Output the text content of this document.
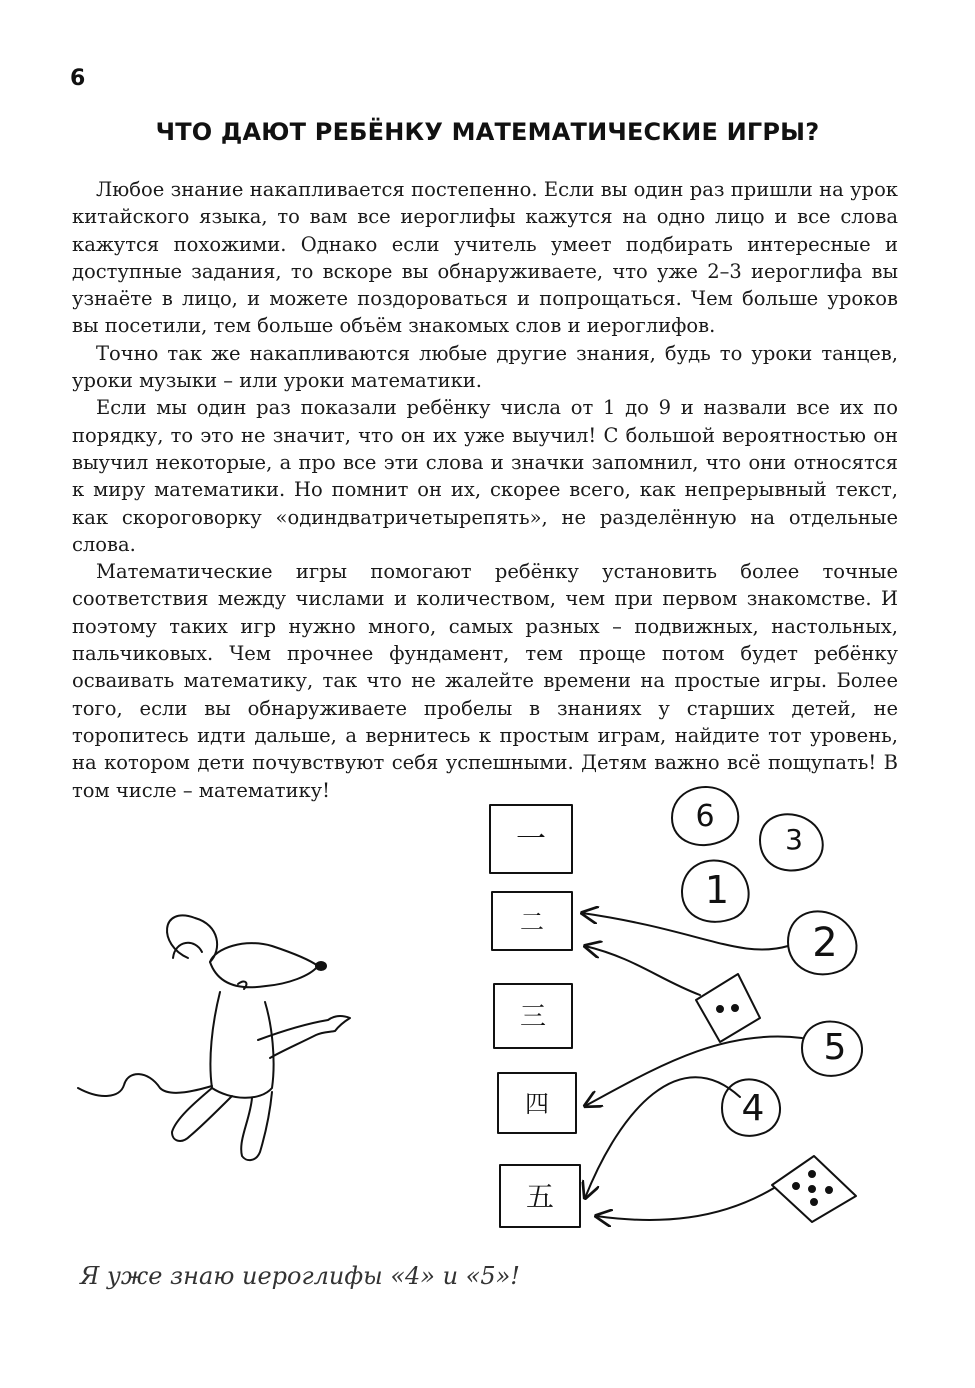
6
ЧТО ДАЮТ РЕБЁНКУ МАТЕМАТИЧЕСКИЕ ИГРЫ?

Любое знание накапливается постепенно. Если вы один раз пришли на урок китайского языка, то вам все иероглифы кажутся на одно лицо и все слова кажутся похожими. Однако если учитель умеет подбирать интересные и доступные задания, то вскоре вы обнаруживаете, что уже 2–3 иероглифа вы узнаёте в лицо, и можете поздороваться и попрощаться. Чем больше уроков вы посетили, тем больше объём знакомых слов и иероглифов.

Точно так же накапливаются любые другие знания, будь то уроки танцев, уроки музыки – или уроки математики.

Если мы один раз показали ребёнку числа от 1 до 9 и назвали все их по порядку, то это не значит, что он их уже выучил! С большой вероятностью он выучил некоторые, а про все эти слова и значки запомнил, что они относятся к миру математики. Но помнит он их, скорее всего, как непрерывный текст, как скороговорку «одиндватричетырепять», не разделённую на отдельные слова.

Математические игры помогают ребёнку установить более точные соответствия между числами и количеством, чем при первом знакомстве. И поэтому таких игр нужно много, самых разных – подвижных, настольных, пальчиковых. Чем прочнее фундамент, тем проще потом будет ребёнку осваивать математику, так что не жалейте времени на простые игры. Более того, если вы обнаруживаете пробелы в знаниях у старших детей, не торопитесь идти дальше, а вернитесь к простым играм, найдите тот уровень, на котором дети почувствуют себя успешными. Детям важно всё пощупать! В том числе – математику!

一
二
三
四
五
6
3
1
2
5
4
Я уже знаю иероглифы «4» и «5»!
